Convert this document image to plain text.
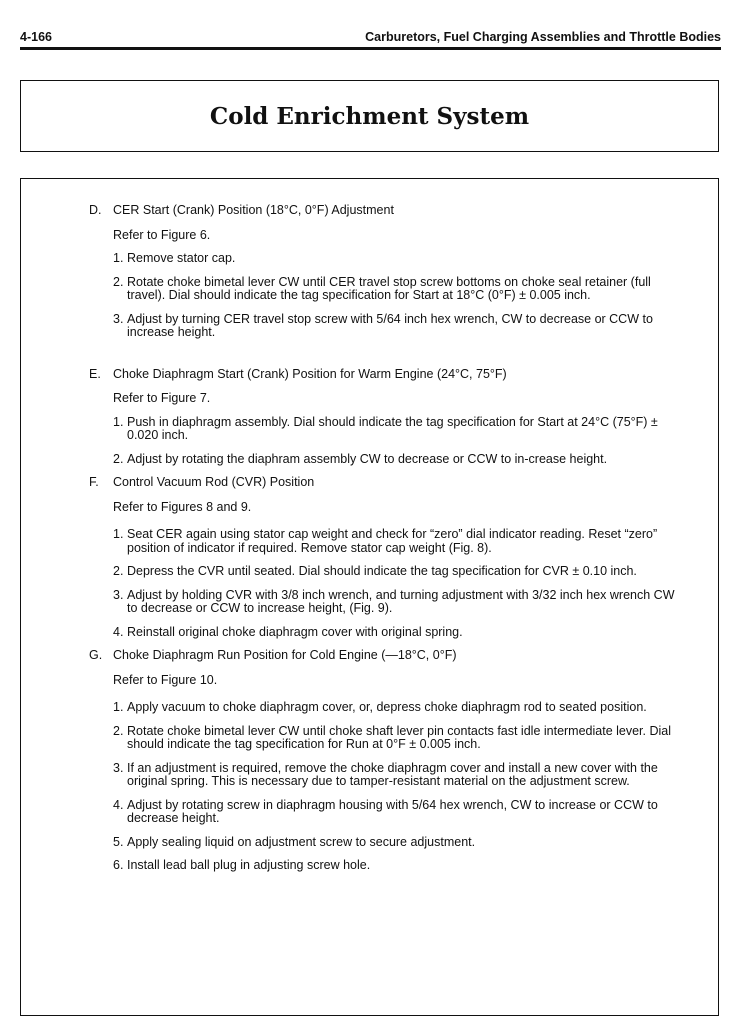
4-166	Carburetors, Fuel Charging Assemblies and Throttle Bodies
Cold Enrichment System
D. CER Start (Crank) Position (18°C, 0°F) Adjustment
Refer to Figure 6.
1. Remove stator cap.
2. Rotate choke bimetal lever CW until CER travel stop screw bottoms on choke seal retainer (full travel). Dial should indicate the tag specification for Start at 18°C (0°F) ± 0.005 inch.
3. Adjust by turning CER travel stop screw with 5/64 inch hex wrench, CW to decrease or CCW to increase height.
E. Choke Diaphragm Start (Crank) Position for Warm Engine (24°C, 75°F)
Refer to Figure 7.
1. Push in diaphragm assembly. Dial should indicate the tag specification for Start at 24°C (75°F) ± 0.020 inch.
2. Adjust by rotating the diaphram assembly CW to decrease or CCW to in-crease height.
F. Control Vacuum Rod (CVR) Position
Refer to Figures 8 and 9.
1. Seat CER again using stator cap weight and check for “zero” dial indicator reading. Reset “zero” position of indicator if required. Remove stator cap weight (Fig. 8).
2. Depress the CVR until seated. Dial should indicate the tag specification for CVR ± 0.10 inch.
3. Adjust by holding CVR with 3/8 inch wrench, and turning adjustment with 3/32 inch hex wrench CW to decrease or CCW to increase height, (Fig. 9).
4. Reinstall original choke diaphragm cover with original spring.
G. Choke Diaphragm Run Position for Cold Engine (—18°C, 0°F)
Refer to Figure 10.
1. Apply vacuum to choke diaphragm cover, or, depress choke diaphragm rod to seated position.
2. Rotate choke bimetal lever CW until choke shaft lever pin contacts fast idle intermediate lever. Dial should indicate the tag specification for Run at 0°F ± 0.005 inch.
3. If an adjustment is required, remove the choke diaphragm cover and install a new cover with the original spring. This is necessary due to tamper-resistant material on the adjustment screw.
4. Adjust by rotating screw in diaphragm housing with 5/64 hex wrench, CW to increase or CCW to decrease height.
5. Apply sealing liquid on adjustment screw to secure adjustment.
6. Install lead ball plug in adjusting screw hole.
